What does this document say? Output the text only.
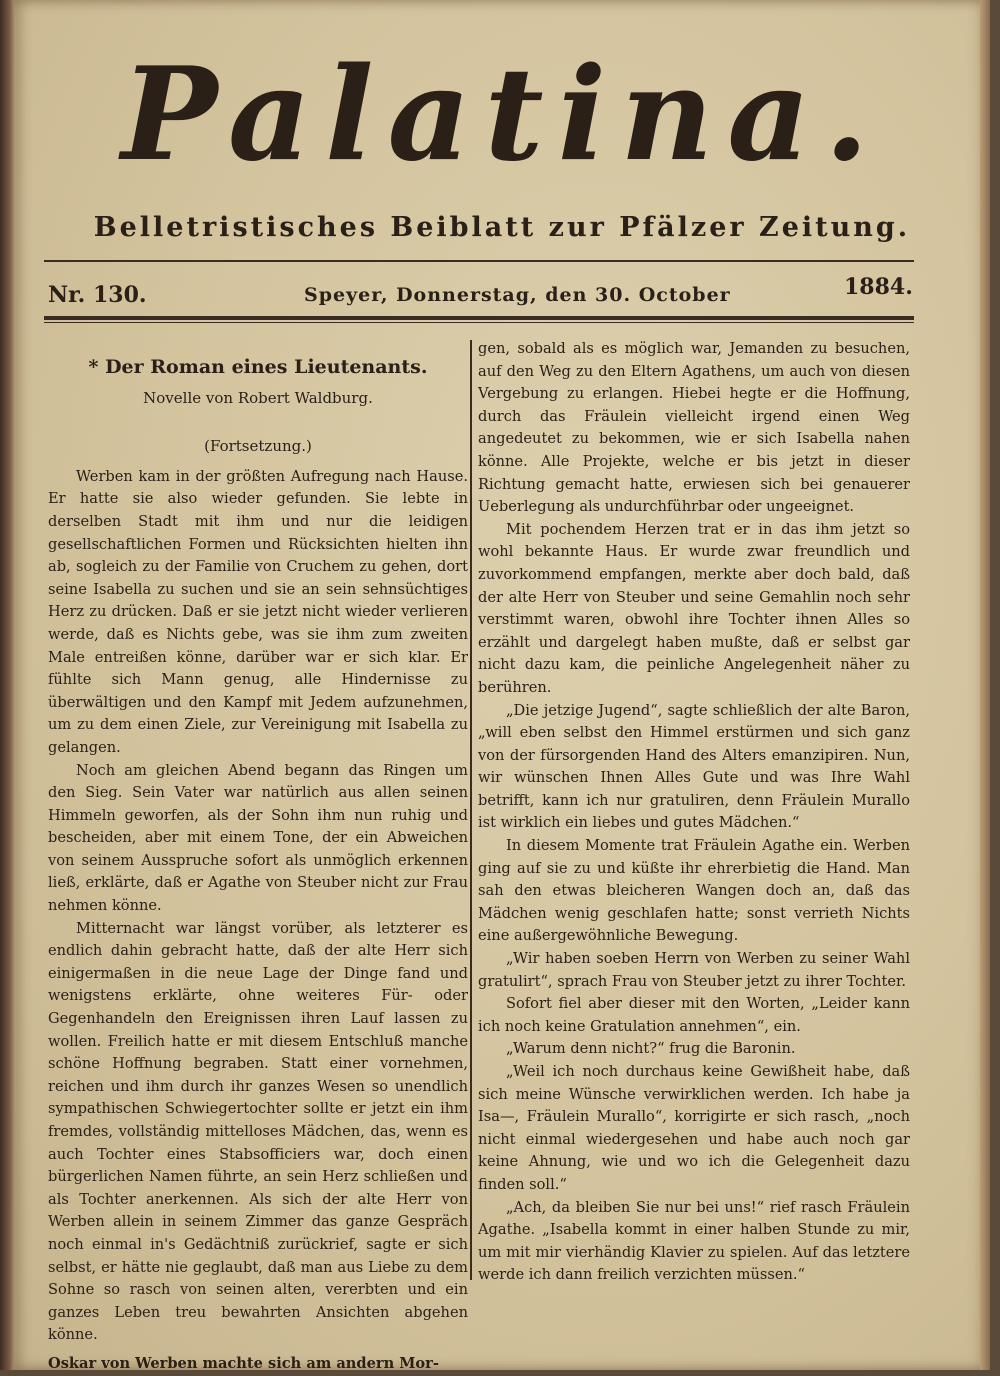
Palatina.
Belletristisches Beiblatt zur Pfälzer Zeitung.
Nr. 130.	Speyer, Donnerstag, den 30. October	1884.
* Der Roman eines Lieutenants.
Novelle von Robert Waldburg.
(Fortsetzung.)

Werben kam in der größten Aufregung nach Hause. Er hatte sie also wieder gefunden. Sie lebte in derselben Stadt mit ihm und nur die leidigen gesellschaftlichen Formen und Rücksichten hielten ihn ab, sogleich zu der Familie von Cruchem zu gehen, dort seine Isabella zu suchen und sie an sein sehnsüchtiges Herz zu drücken. Daß er sie jetzt nicht wieder verlieren werde, daß es Nichts gebe, was sie ihm zum zweiten Male entreißen könne, darüber war er sich klar. Er fühlte sich Mann genug, alle Hindernisse zu überwältigen und den Kampf mit Jedem aufzunehmen, um zu dem einen Ziele, zur Vereinigung mit Isabella zu gelangen.

Noch am gleichen Abend begann das Ringen um den Sieg. Sein Vater war natürlich aus allen seinen Himmeln geworfen, als der Sohn ihm nun ruhig und bescheiden, aber mit einem Tone, der ein Abweichen von seinem Ausspruche sofort als unmöglich erkennen ließ, erklärte, daß er Agathe von Steuber nicht zur Frau nehmen könne.

Mitternacht war längst vorüber, als letzterer es endlich dahin gebracht hatte, daß der alte Herr sich einigermaßen in die neue Lage der Dinge fand und wenigstens erklärte, ohne weiteres Für- oder Gegenhandeln den Ereignissen ihren Lauf lassen zu wollen. Freilich hatte er mit diesem Entschluß manche schöne Hoffnung begraben. Statt einer vornehmen, reichen und ihm durch ihr ganzes Wesen so unendlich sympathischen Schwiegertochter sollte er jetzt ein ihm fremdes, vollständig mittelloses Mädchen, das, wenn es auch Tochter eines Stabsofficiers war, doch einen bürgerlichen Namen führte, an sein Herz schließen und als Tochter anerkennen. Als sich der alte Herr von Werben allein in seinem Zimmer das ganze Gespräch noch einmal in's Gedächtniß zurückrief, sagte er sich selbst, er hätte nie geglaubt, daß man aus Liebe zu dem Sohne so rasch von seinen alten, vererbten und ein ganzes Leben treu bewahrten Ansichten abgehen könne.

Oskar von Werben machte sich am andern Mor-

gen, sobald als es möglich war, Jemanden zu besuchen, auf den Weg zu den Eltern Agathens, um auch von diesen Vergebung zu erlangen. Hiebei hegte er die Hoffnung, durch das Fräulein vielleicht irgend einen Weg angedeutet zu bekommen, wie er sich Isabella nahen könne. Alle Projekte, welche er bis jetzt in dieser Richtung gemacht hatte, erwiesen sich bei genauerer Ueberlegung als undurchführbar oder ungeeignet.

Mit pochendem Herzen trat er in das ihm jetzt so wohl bekannte Haus. Er wurde zwar freundlich und zuvorkommend empfangen, merkte aber doch bald, daß der alte Herr von Steuber und seine Gemahlin noch sehr verstimmt waren, obwohl ihre Tochter ihnen Alles so erzählt und dargelegt haben mußte, daß er selbst gar nicht dazu kam, die peinliche Angelegenheit näher zu berühren.

„Die jetzige Jugend“, sagte schließlich der alte Baron, „will eben selbst den Himmel erstürmen und sich ganz von der fürsorgenden Hand des Alters emanzipiren. Nun, wir wünschen Ihnen Alles Gute und was Ihre Wahl betrifft, kann ich nur gratuliren, denn Fräulein Murallo ist wirklich ein liebes und gutes Mädchen.“

In diesem Momente trat Fräulein Agathe ein. Werben ging auf sie zu und küßte ihr ehrerbietig die Hand. Man sah den etwas bleicheren Wangen doch an, daß das Mädchen wenig geschlafen hatte; sonst verrieth Nichts eine außergewöhnliche Bewegung.

„Wir haben soeben Herrn von Werben zu seiner Wahl gratulirt“, sprach Frau von Steuber jetzt zu ihrer Tochter.

Sofort fiel aber dieser mit den Worten, „Leider kann ich noch keine Gratulation annehmen“, ein.

„Warum denn nicht?“ frug die Baronin.

„Weil ich noch durchaus keine Gewißheit habe, daß sich meine Wünsche verwirklichen werden. Ich habe ja Isa—, Fräulein Murallo“, korrigirte er sich rasch, „noch nicht einmal wiedergesehen und habe auch noch gar keine Ahnung, wie und wo ich die Gelegenheit dazu finden soll.“

„Ach, da bleiben Sie nur bei uns!“ rief rasch Fräulein Agathe. „Isabella kommt in einer halben Stunde zu mir, um mit mir vierhändig Klavier zu spielen. Auf das letztere werde ich dann freilich verzichten müssen.“
